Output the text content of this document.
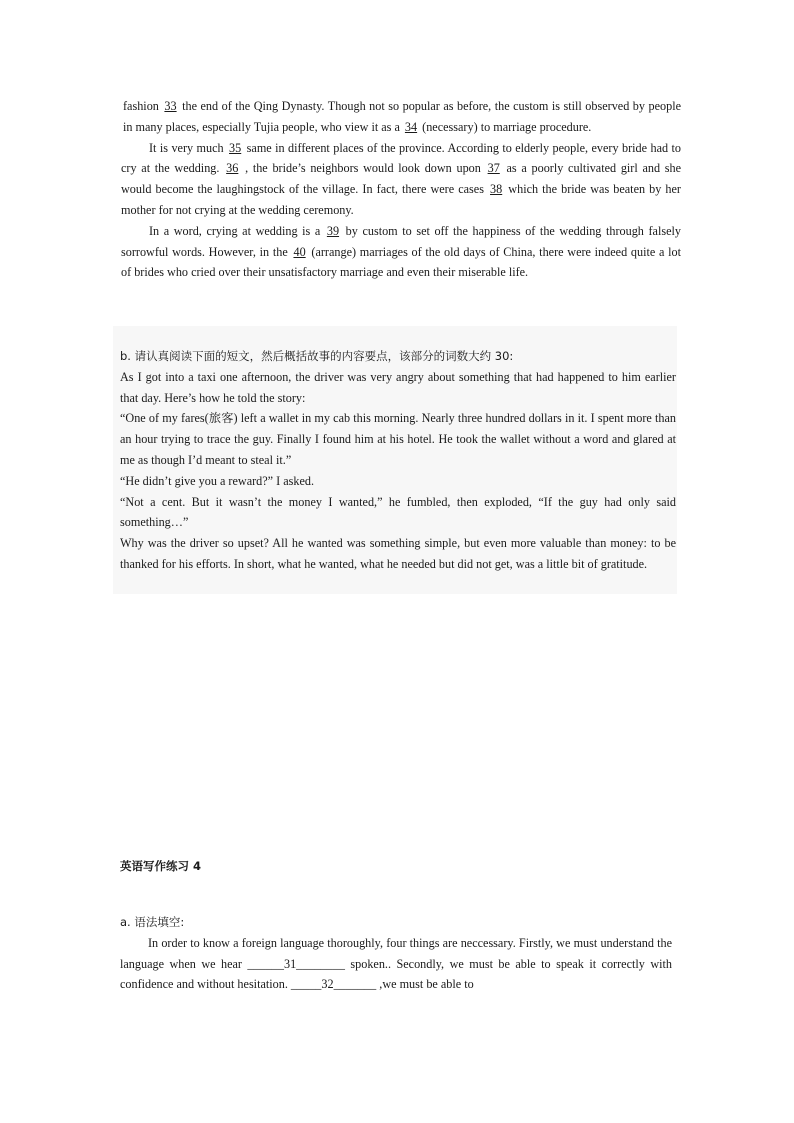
fashion 33 the end of the Qing Dynasty. Though not so popular as before, the custom is still observed by people in many places, especially Tujia people, who view it as a 34 (necessary) to marriage procedure.

It is very much 35 same in different places of the province. According to elderly people, every bride had to cry at the wedding. 36 , the bride’s neighbors would look down upon 37 as a poorly cultivated girl and she would become the laughingstock of the village. In fact, there were cases 38 which the bride was beaten by her mother for not crying at the wedding ceremony.

In a word, crying at wedding is a 39 by custom to set off the happiness of the wedding through falsely sorrowful words. However, in the 40 (arrange) marriages of the old days of China, there were indeed quite a lot of brides who cried over their unsatisfactory marriage and even their miserable life.

b. 请认真阅读下面的短文，然后概括故事的内容要点，该部分的词数大约 30:

As I got into a taxi one afternoon, the driver was very angry about something that had happened to him earlier that day. Here’s how he told the story:

“One of my fares(旅客) left a wallet in my cab this morning. Nearly three hundred dollars in it. I spent more than an hour trying to trace the guy. Finally I found him at his hotel. He took the wallet without a word and glared at me as though I’d meant to steal it.”

“He didn’t give you a reward?” I asked.

“Not a cent. But it wasn’t the money I wanted,” he fumbled, then exploded, “If the guy had only said something…”

Why was the driver so upset? All he wanted was something simple, but even more valuable than money: to be thanked for his efforts. In short, what he wanted, what he needed but did not get, was a little bit of gratitude.

英语写作练习 4

a. 语法填空:

In order to know a foreign language thoroughly, four things are neccessary. Firstly, we must understand the language when we hear ______31________ spoken.. Secondly, we must be able to speak it correctly with confidence and without hesitation. _____32_______ ,we must be able to
